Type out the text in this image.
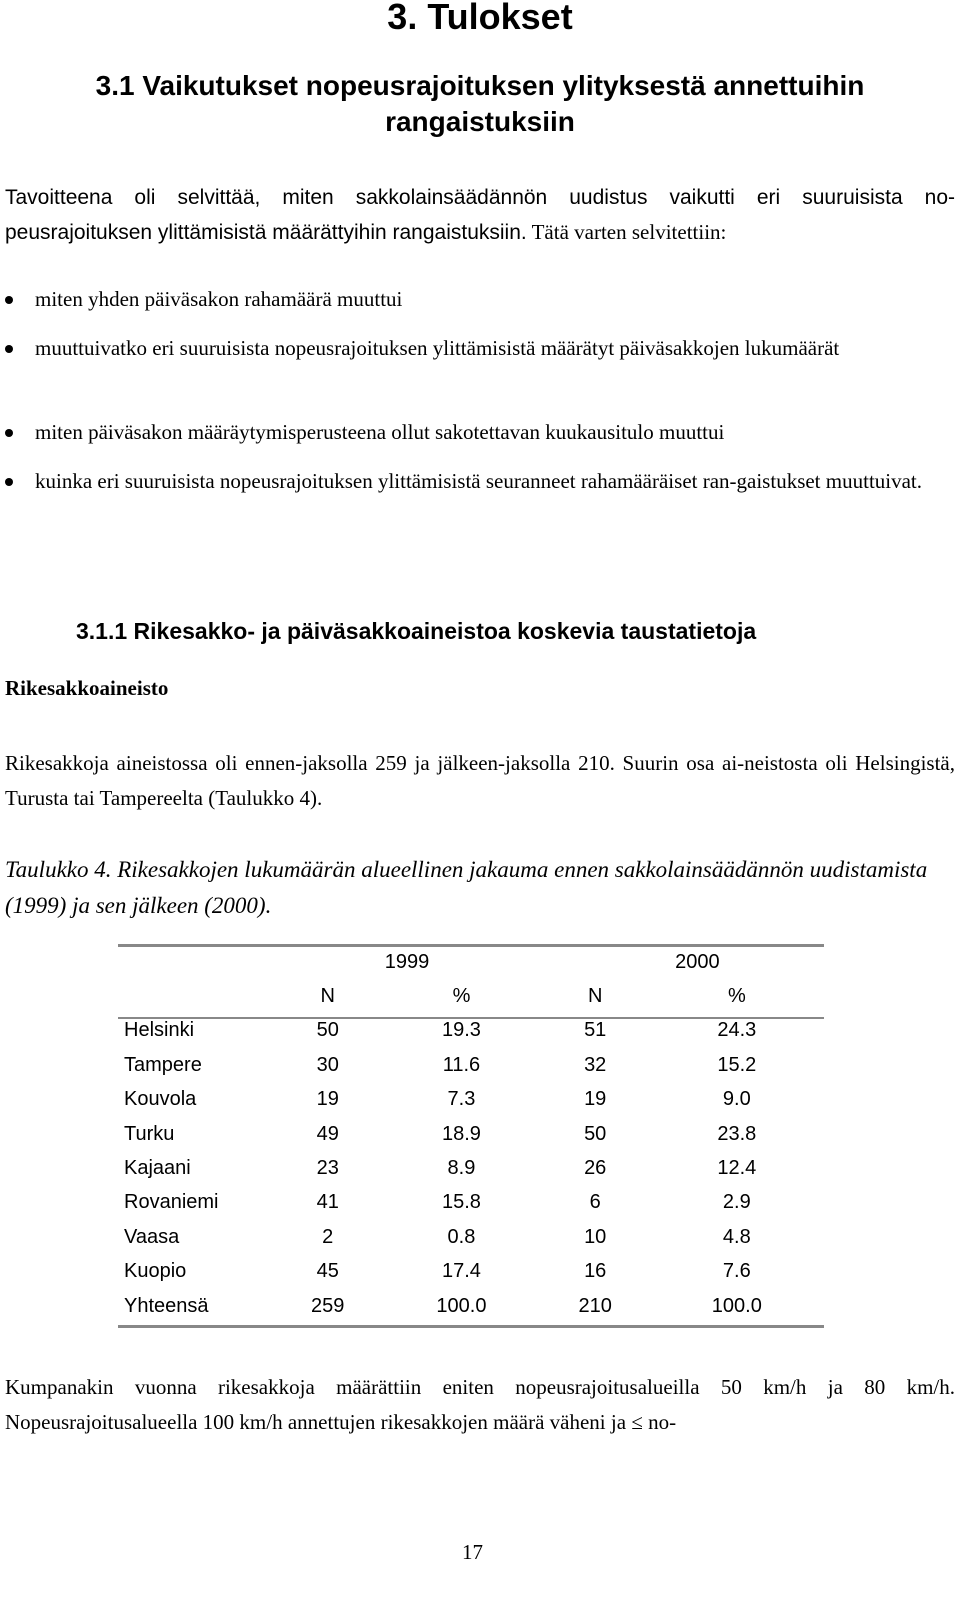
3. Tulokset
3.1 Vaikutukset nopeusrajoituksen ylityksestä annettuihin rangaistuksiin
Tavoitteena oli selvittää, miten sakkolainsäädännön uudistus vaikutti eri suuruisista no-peusrajoituksen ylittämisistä määrättyihin rangaistuksiin. Tätä varten selvitettiin:
miten yhden päiväsakon rahamäärä muuttui
muuttuivatko eri suuruisista nopeusrajoituksen ylittämisistä määrätyt päiväsakkojen lukumäärät
miten päiväsakon määräytymisperusteena ollut sakotettavan kuukausitulo muuttui
kuinka eri suuruisista nopeusrajoituksen ylittämisistä seuranneet rahamääräiset ran-gaistukset muuttuivat.
3.1.1 Rikesakko- ja päiväsakkoaineistoa koskevia taustatietoja
Rikesakkoaineisto
Rikesakkoja aineistossa oli ennen-jaksolla 259 ja jälkeen-jaksolla 210. Suurin osa ai-neistosta oli Helsingistä, Turusta tai Tampereelta (Taulukko 4).
Taulukko 4. Rikesakkojen lukumäärän alueellinen jakauma ennen sakkolainsäädännön uudistamista (1999) ja sen jälkeen (2000).
	1999		2000	
	N	%	N	%
Helsinki	50	19.3	51	24.3
Tampere	30	11.6	32	15.2
Kouvola	19	7.3	19	9.0
Turku	49	18.9	50	23.8
Kajaani	23	8.9	26	12.4
Rovaniemi	41	15.8	6	2.9
Vaasa	2	0.8	10	4.8
Kuopio	45	17.4	16	7.6
Yhteensä	259	100.0	210	100.0
Kumpanakin vuonna rikesakkoja määrättiin eniten nopeusrajoitusalueilla 50 km/h ja 80 km/h. Nopeusrajoitusalueella 100 km/h annettujen rikesakkojen määrä väheni ja ≤ no-
17
